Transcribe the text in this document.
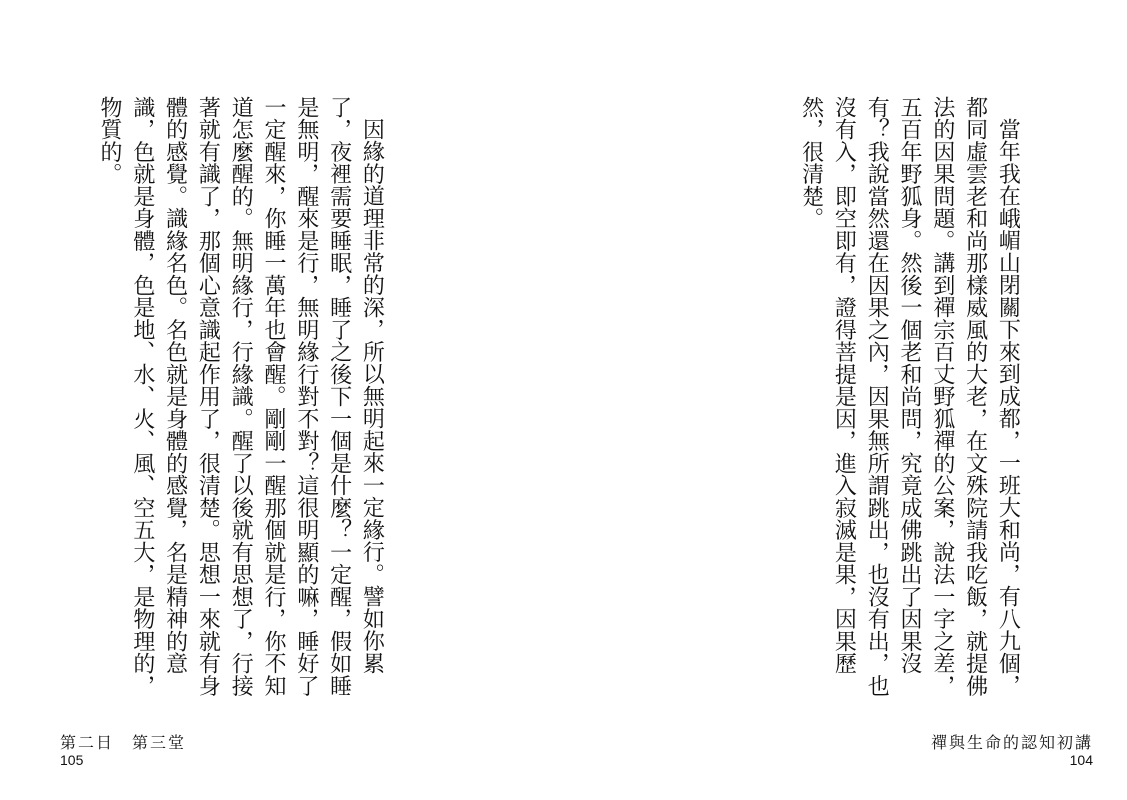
因緣的道理非常的深，所以無明起來一定緣行。譬如你累了，夜裡需要睡眠，睡了之後下一個是什麼？一定醒，假如睡是無明，醒來是行，無明緣行對不對？這很明顯的嘛，睡好了一定醒來，你睡一萬年也會醒。剛剛一醒那個就是行，你不知道怎麼醒的。無明緣行，行緣識。醒了以後就有思想了，行接著就有識了，那個心意識起作用了，很清楚。思想一來就有身體的感覺。識緣名色。名色就是身體的感覺，名是精神的意識，色就是身體，色是地、水、火、風、空五大，是物理的，物質的。

第二日　第三堂
105

當年我在峨嵋山閉關下來到成都，一班大和尚，有八九個，都同虛雲老和尚那樣威風的大老，在文殊院請我吃飯，就提佛法的因果問題。講到禪宗百丈野狐禪的公案，說法一字之差，五百年野狐身。然後一個老和尚問，究竟成佛跳出了因果沒有？我說當然還在因果之內，因果無所謂跳出，也沒有出，也沒有入，即空即有，證得菩提是因，進入寂滅是果，因果歷然，很清楚。

禪與生命的認知初講
104
